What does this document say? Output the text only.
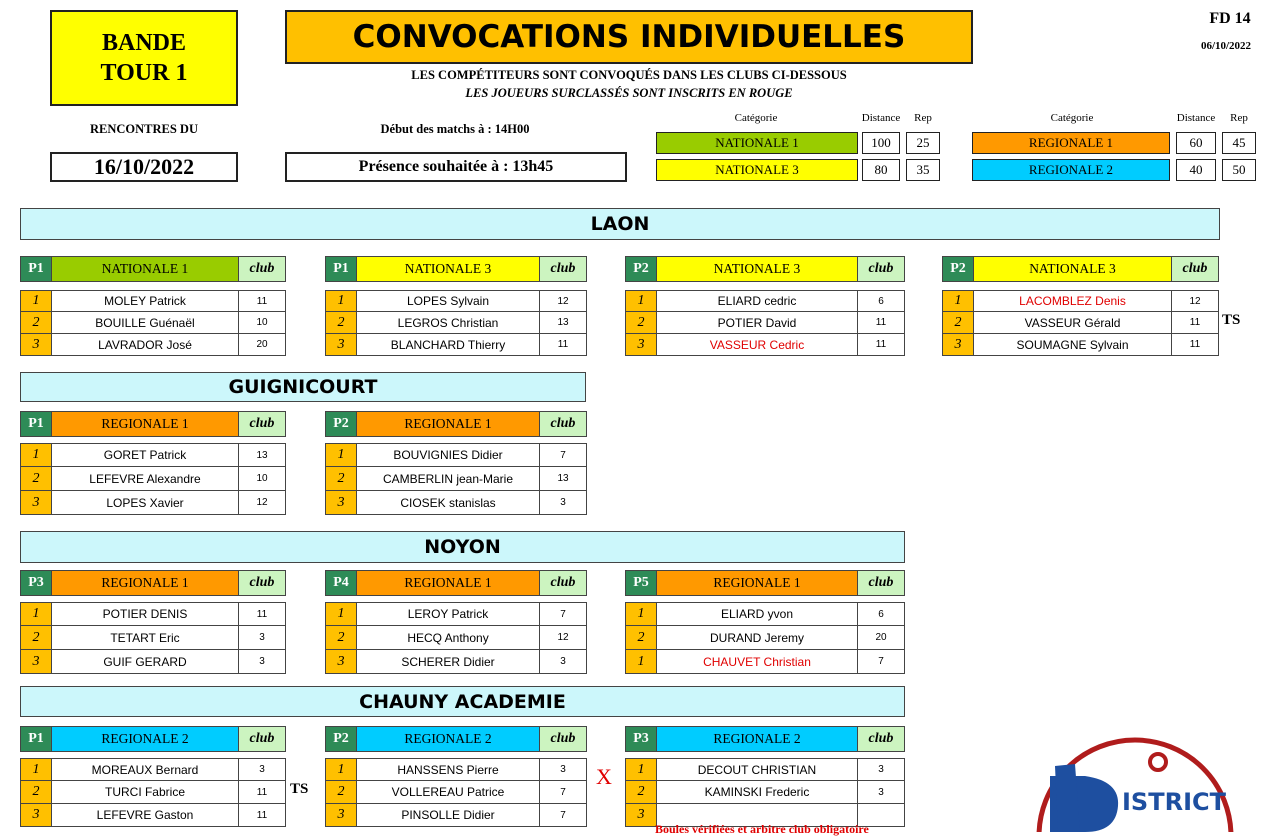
BANDE
TOUR 1
CONVOCATIONS INDIVIDUELLES
LES COMPÉTITEURS SONT CONVOQUÉS DANS LES CLUBS CI-DESSOUS
LES JOUEURS SURCLASSÉS SONT INSCRITS EN ROUGE
FD 14
06/10/2022
RENCONTRES DU
16/10/2022
Début des matchs à : 14H00
Présence souhaitée à : 13h45
Catégorie	Distance	Rep
NATIONALE 1	100	25
NATIONALE 3	80	35
Catégorie	Distance	Rep
REGIONALE 1	60	45
REGIONALE 2	40	50
LAON
GUIGNICOURT
NOYON
CHAUNY ACADEMIE
P1	NATIONALE 1	club
1	MOLEY Patrick	11
2	BOUILLE Guénaël	10
3	LAVRADOR José	20
P1	NATIONALE 3	club
1	LOPES Sylvain	12
2	LEGROS Christian	13
3	BLANCHARD Thierry	11
P2	NATIONALE 3	club
1	ELIARD cedric	6
2	POTIER David	11
3	VASSEUR Cedric	11
P2	NATIONALE 3	club
1	LACOMBLEZ Denis	12
2	VASSEUR Gérald	11
3	SOUMAGNE Sylvain	11
P1	REGIONALE 1	club
1	GORET Patrick	13
2	LEFEVRE Alexandre	10
3	LOPES Xavier	12
P2	REGIONALE 1	club
1	BOUVIGNIES Didier	7
2	CAMBERLIN jean-Marie	13
3	CIOSEK stanislas	3
P3	REGIONALE 1	club
1	POTIER DENIS	11
2	TETART Eric	3
3	GUIF GERARD	3
P4	REGIONALE 1	club
1	LEROY Patrick	7
2	HECQ Anthony	12
3	SCHERER Didier	3
P5	REGIONALE 1	club
1	ELIARD yvon	6
2	DURAND Jeremy	20
1	CHAUVET Christian	7
P1	REGIONALE 2	club
1	MOREAUX Bernard	3
2	TURCI Fabrice	11
3	LEFEVRE Gaston	11
P2	REGIONALE 2	club
1	HANSSENS Pierre	3
2	VOLLEREAU Patrice	7
3	PINSOLLE Didier	7
P3	REGIONALE 2	club
1	DECOUT CHRISTIAN	3
2	KAMINSKI Frederic	3
3
TS
TS	X
Boules vérifiées et arbitre club obligatoire
ISTRICT
